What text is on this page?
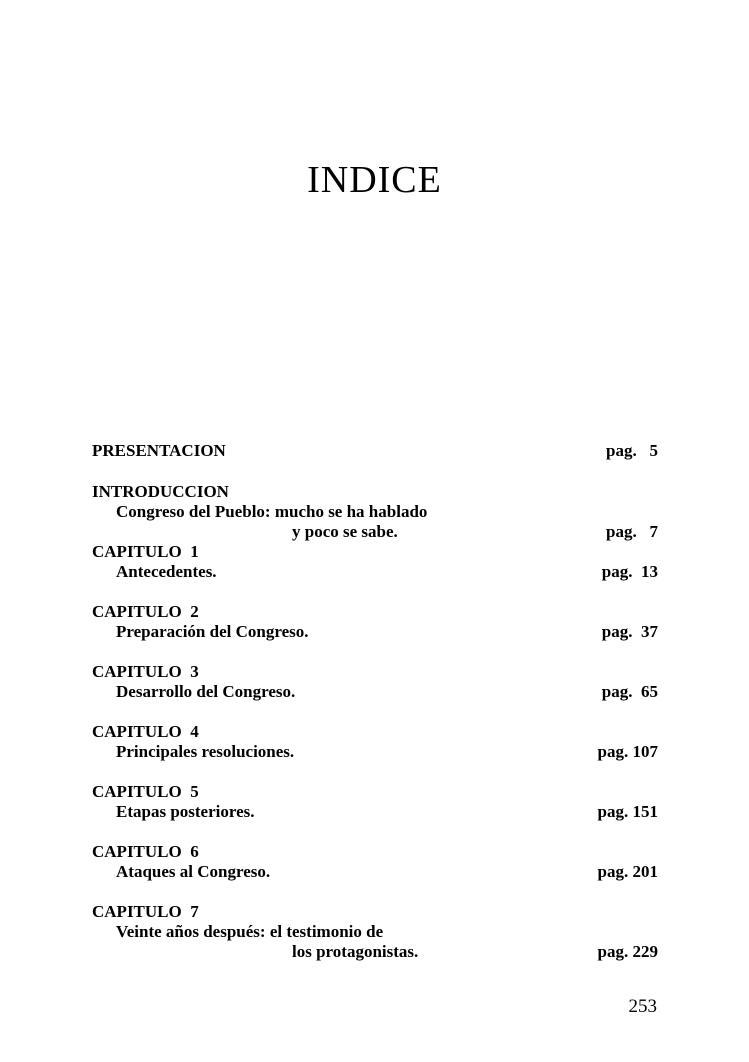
INDICE
PRESENTACION	pag.   5
INTRODUCCION
Congreso del Pueblo: mucho se ha hablado
y poco se sabe.	pag.   7
CAPITULO  1
Antecedentes.	pag.  13
CAPITULO  2
Preparación del Congreso.	pag.  37
CAPITULO  3
Desarrollo del Congreso.	pag.  65
CAPITULO  4
Principales resoluciones.	pag. 107
CAPITULO  5
Etapas posteriores.	pag. 151
CAPITULO  6
Ataques al Congreso.	pag. 201
CAPITULO  7
Veinte años después: el testimonio de
los protagonistas.	pag. 229
253
